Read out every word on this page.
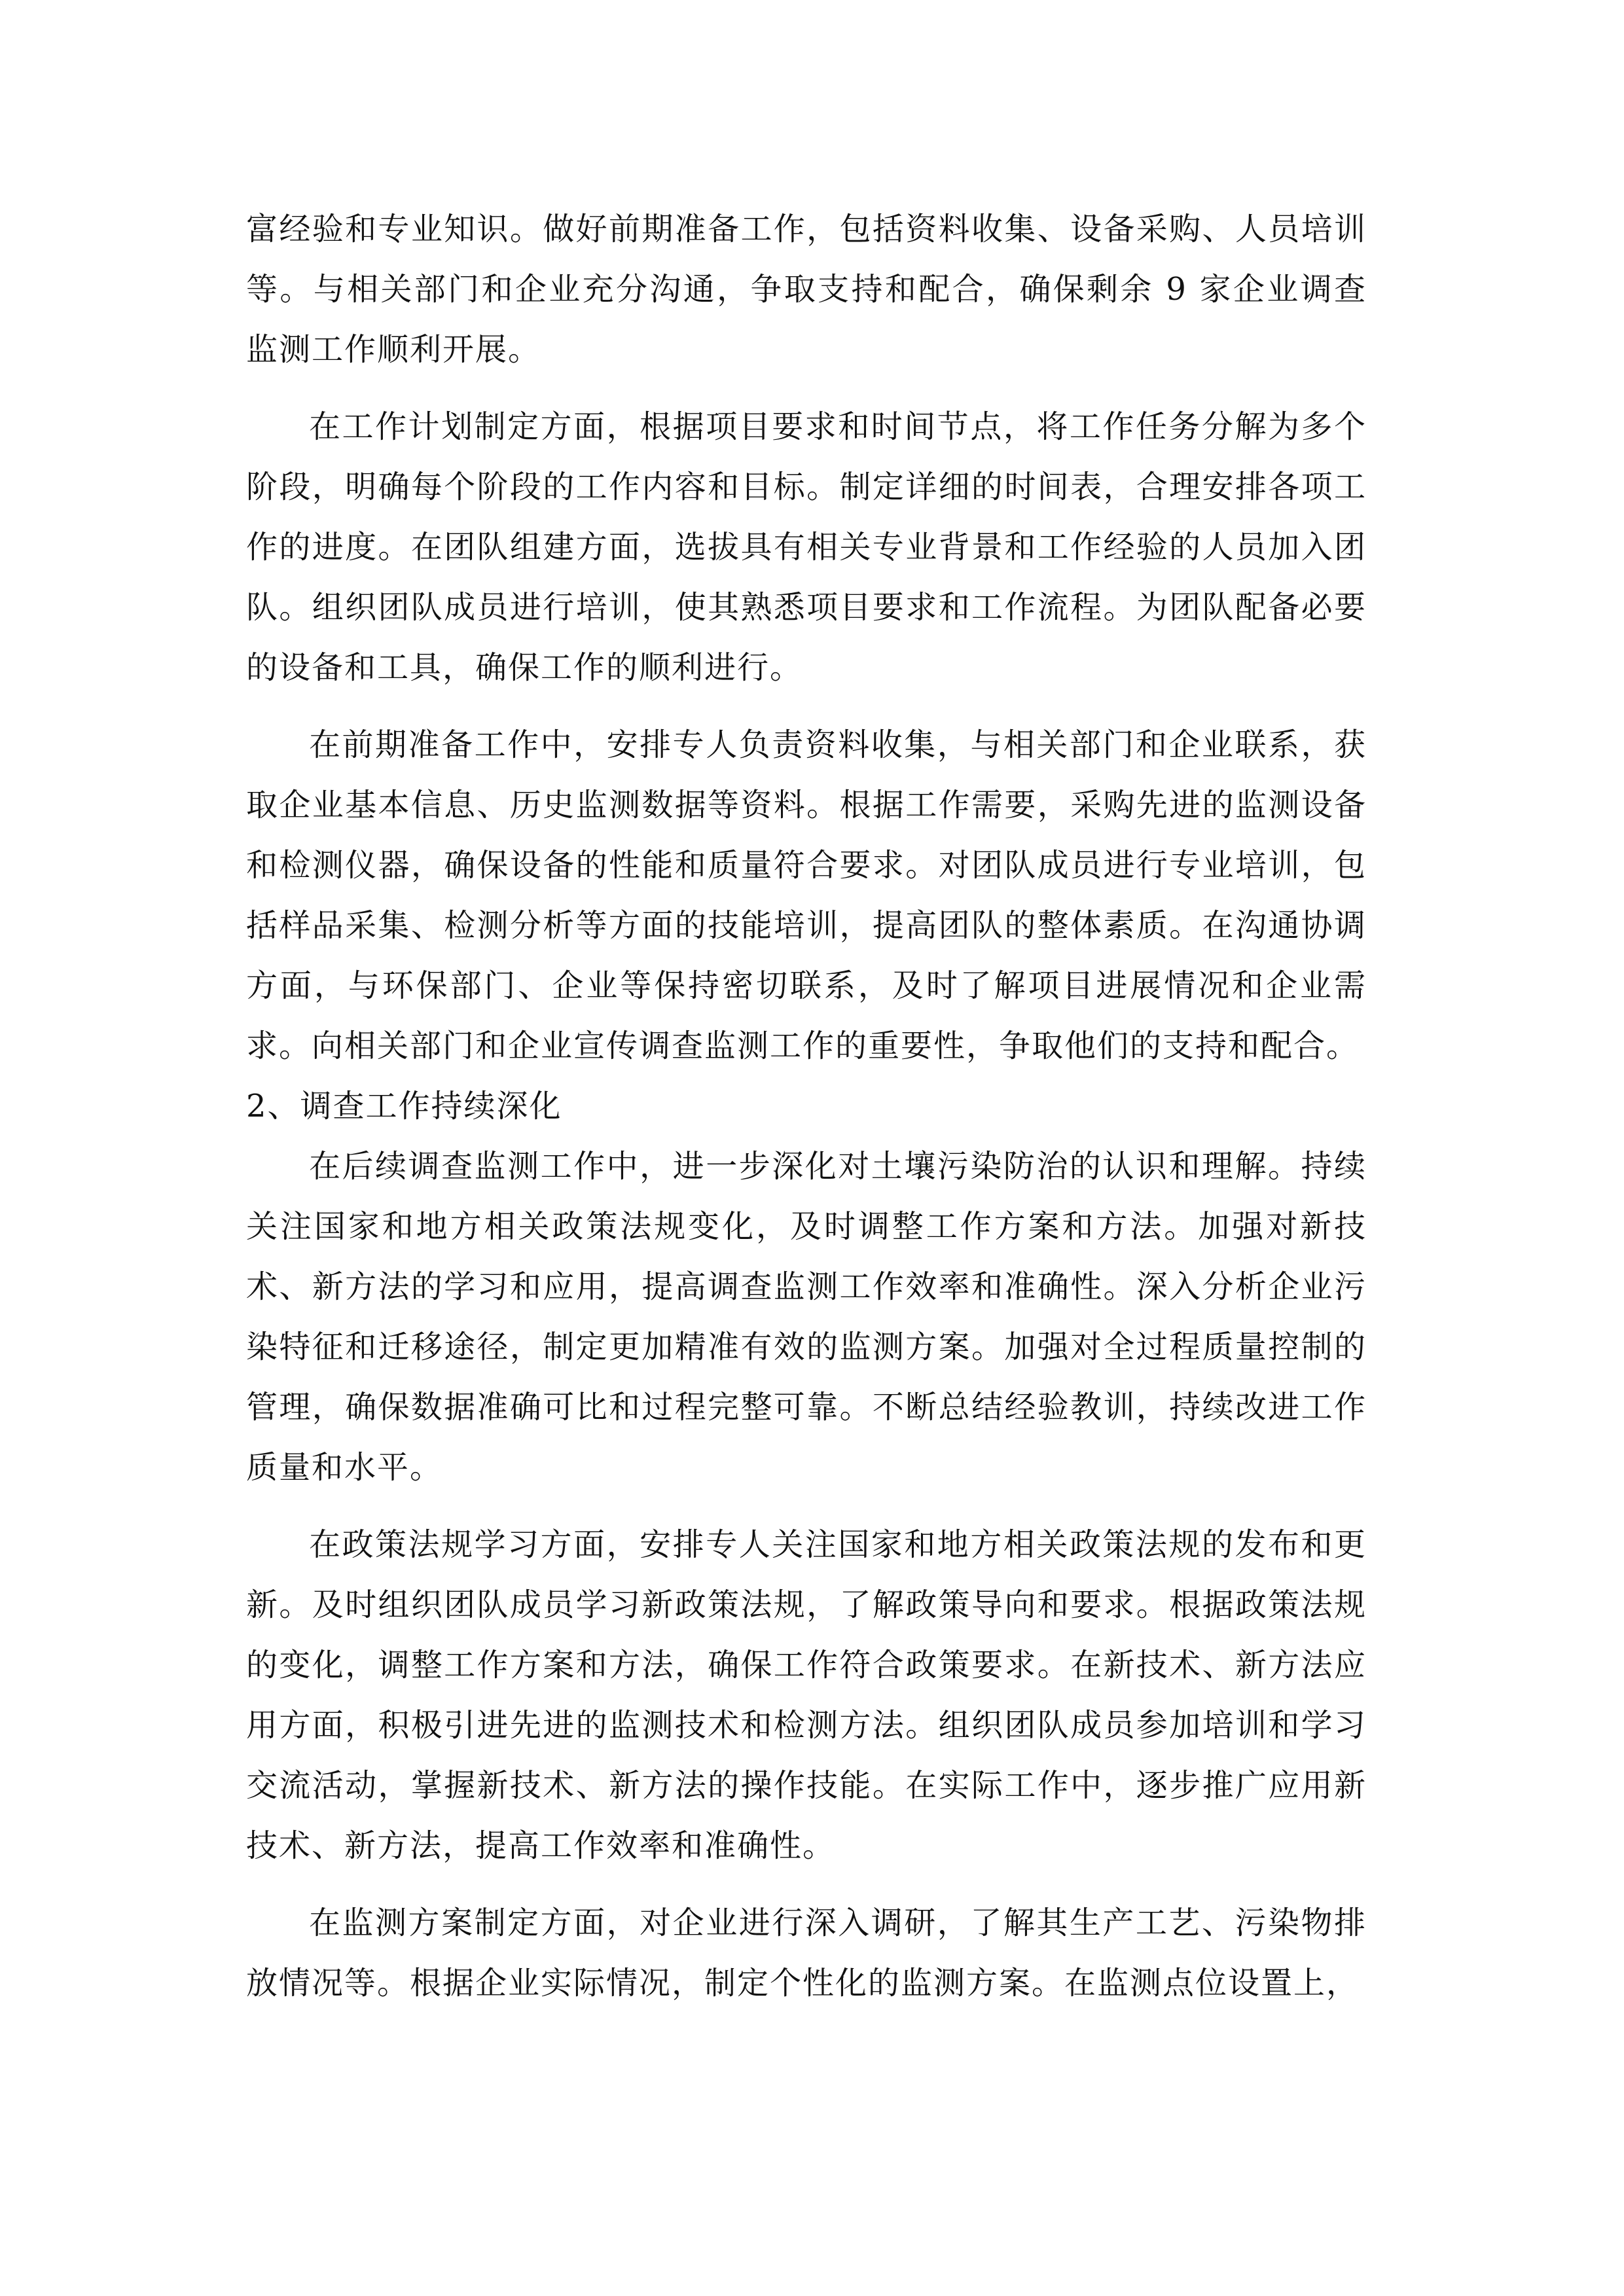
富经验和专业知识。做好前期准备工作，包括资料收集、设备采购、人员培训等。与相关部门和企业充分沟通，争取支持和配合，确保剩余 9 家企业调查监测工作顺利开展。

在工作计划制定方面，根据项目要求和时间节点，将工作任务分解为多个阶段，明确每个阶段的工作内容和目标。制定详细的时间表，合理安排各项工作的进度。在团队组建方面，选拔具有相关专业背景和工作经验的人员加入团队。组织团队成员进行培训，使其熟悉项目要求和工作流程。为团队配备必要的设备和工具，确保工作的顺利进行。

在前期准备工作中，安排专人负责资料收集，与相关部门和企业联系，获取企业基本信息、历史监测数据等资料。根据工作需要，采购先进的监测设备和检测仪器，确保设备的性能和质量符合要求。对团队成员进行专业培训，包括样品采集、检测分析等方面的技能培训，提高团队的整体素质。在沟通协调方面，与环保部门、企业等保持密切联系，及时了解项目进展情况和企业需求。向相关部门和企业宣传调查监测工作的重要性，争取他们的支持和配合。

2、调查工作持续深化

在后续调查监测工作中，进一步深化对土壤污染防治的认识和理解。持续关注国家和地方相关政策法规变化，及时调整工作方案和方法。加强对新技术、新方法的学习和应用，提高调查监测工作效率和准确性。深入分析企业污染特征和迁移途径，制定更加精准有效的监测方案。加强对全过程质量控制的管理，确保数据准确可比和过程完整可靠。不断总结经验教训，持续改进工作质量和水平。

在政策法规学习方面，安排专人关注国家和地方相关政策法规的发布和更新。及时组织团队成员学习新政策法规，了解政策导向和要求。根据政策法规的变化，调整工作方案和方法，确保工作符合政策要求。在新技术、新方法应用方面，积极引进先进的监测技术和检测方法。组织团队成员参加培训和学习交流活动，掌握新技术、新方法的操作技能。在实际工作中，逐步推广应用新技术、新方法，提高工作效率和准确性。

在监测方案制定方面，对企业进行深入调研，了解其生产工艺、污染物排放情况等。根据企业实际情况，制定个性化的监测方案。在监测点位设置上，
